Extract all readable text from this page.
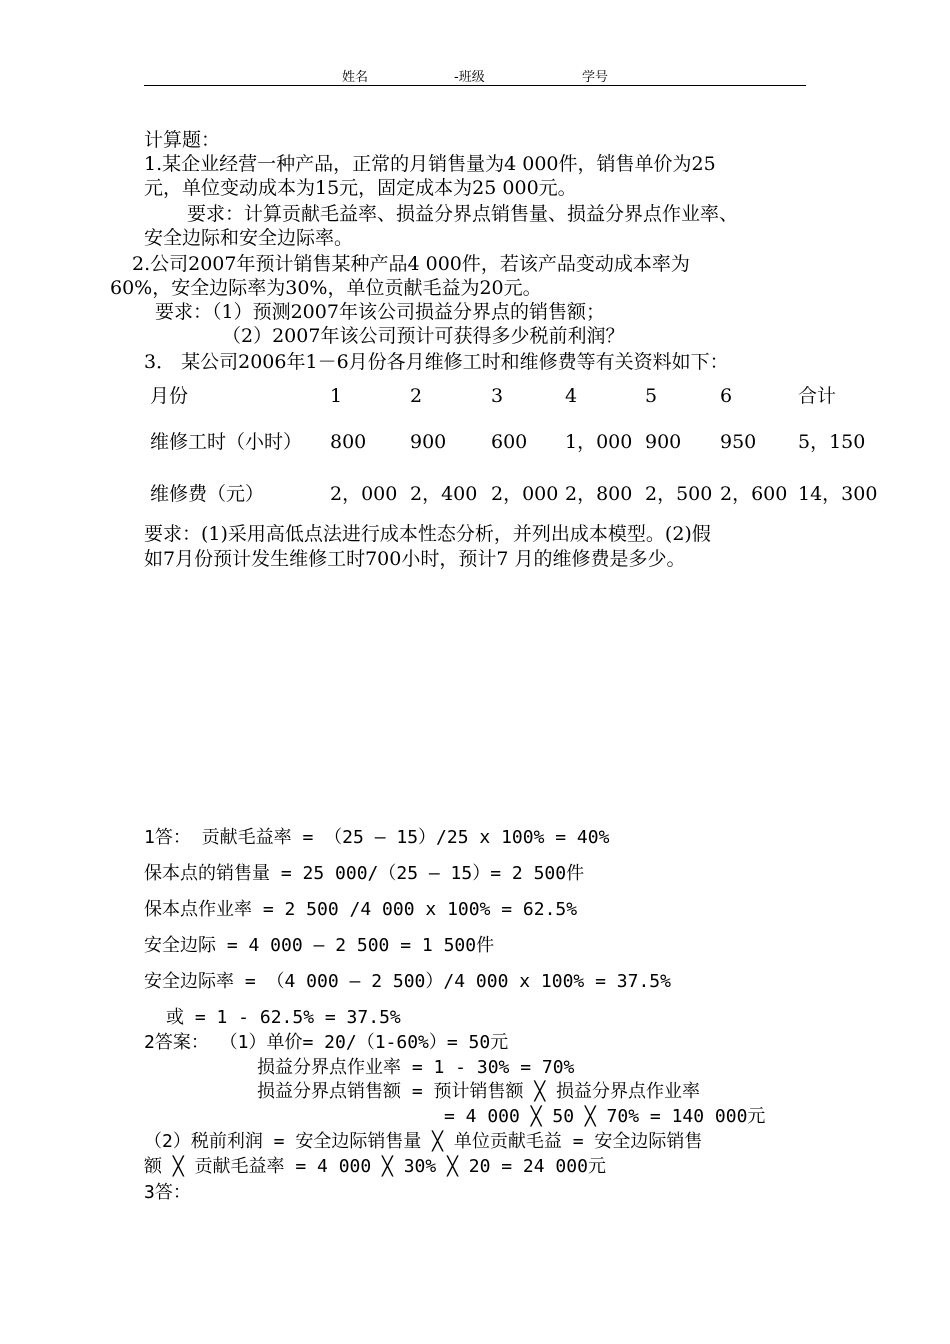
姓名	-班级	学号
计算题：
1.某企业经营一种产品，正常的月销售量为4 000件，销售单价为25
元，单位变动成本为15元，固定成本为25 000元。
要求：计算贡献毛益率、损益分界点销售量、损益分界点作业率、
安全边际和安全边际率。
2.公司2007年预计销售某种产品4 000件，若该产品变动成本率为
60%，安全边际率为30%，单位贡献毛益为20元。
要求：（1）预测2007年该公司损益分界点的销售额；
（2）2007年该公司预计可获得多少税前利润？
3． 某公司2006年1－6月份各月维修工时和维修费等有关资料如下：
月份	1	2	3	4	5	6	合计
维修工时（小时） 800 900 600 1，000 900 950 5，150
维修费（元）	2，000 2，400 2，000 2，800 2，500 2，600 14，300
要求：(1)采用高低点法进行成本性态分析，并列出成本模型。(2)假
如7月份预计发生维修工时700小时，预计7 月的维修费是多少。
1答： 贡献毛益率 = （25 – 15）/25 x 100% = 40%
保本点的销售量 = 25 000/（25 – 15）= 2 500件
保本点作业率 = 2 500 /4 000 x 100% = 62.5%
安全边际 = 4 000 – 2 500 = 1 500件
安全边际率 = （4 000 – 2 500）/4 000 x 100% = 37.5%
或 = 1 - 62.5% = 37.5%
2答案： （1）单价= 20/（1-60%）= 50元
损益分界点作业率 = 1 - 30% = 70%
损益分界点销售额 = 预计销售额 ╳ 损益分界点作业率
= 4 000 ╳ 50 ╳ 70% = 140 000元
（2）税前利润 = 安全边际销售量 ╳ 单位贡献毛益 = 安全边际销售
额 ╳ 贡献毛益率 = 4 000 ╳ 30% ╳ 20 = 24 000元
3答：
